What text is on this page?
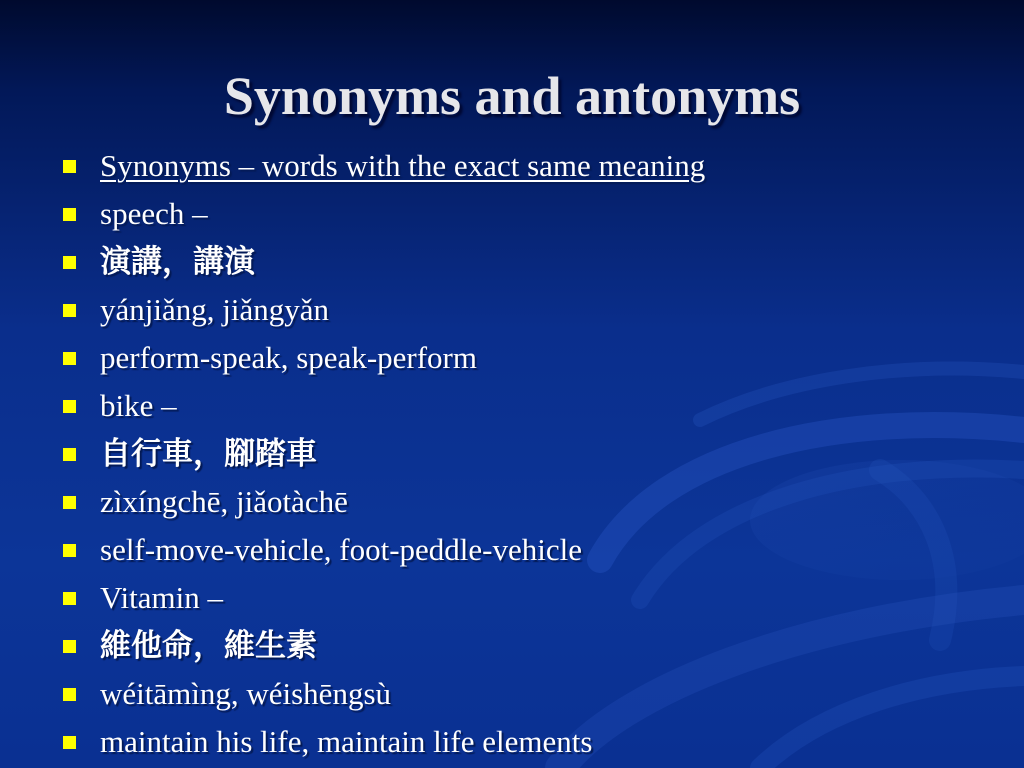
Synonyms and antonyms
Synonyms – words with the exact same meaning
speech –
演講，講演
yánjiǎng, jiǎngyǎn
perform-speak, speak-perform
bike –
自行車，腳踏車
zìxíngchē, jiǎotàchē
self-move-vehicle, foot-peddle-vehicle
Vitamin –
維他命，維生素
wéitāmìng, wéishēngsù
maintain his life, maintain life elements
